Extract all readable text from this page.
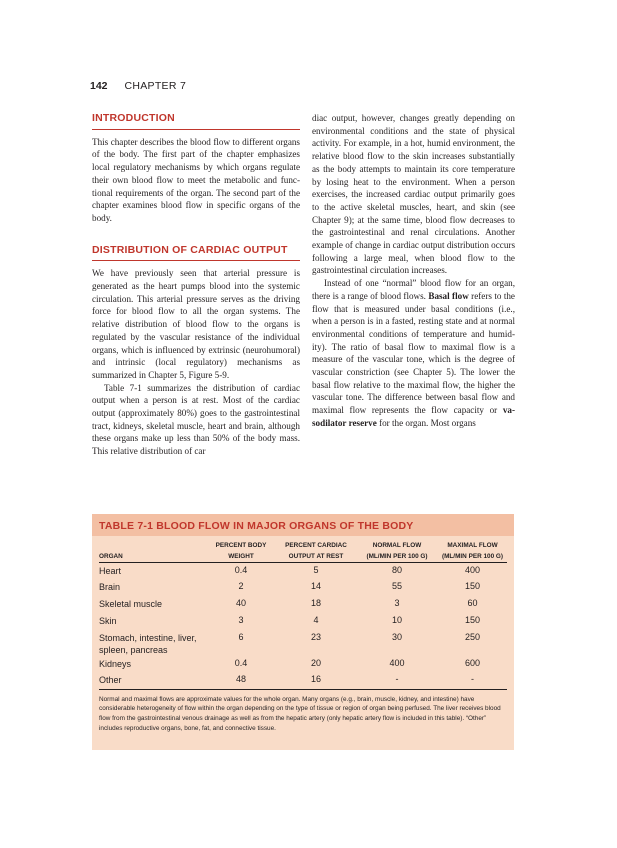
142 CHAPTER 7
INTRODUCTION

This chapter describes the blood flow to different organs of the body. The first part of the chapter emphasizes local regulatory mechanisms by which organs regulate their own blood flow to meet the metabolic and functional requirements of the organ. The second part of the chapter examines blood flow in specific organs of the body.

DISTRIBUTION OF CARDIAC OUTPUT

We have previously seen that arterial pressure is generated as the heart pumps blood into the systemic circulation. This arterial pressure serves as the driving force for blood flow to all the organ systems. The relative distribution of blood flow to the organs is regulated by the vascular resistance of the individual organs, which is influenced by extrinsic (neurohumoral) and intrinsic (local regulatory) mechanisms as summarized in Chapter 5, Figure 5-9.

Table 7-1 summarizes the distribution of cardiac output when a person is at rest. Most of the cardiac output (approximately 80%) goes to the gastrointestinal tract, kidneys, skeletal muscle, heart and brain, although these organs make up less than 50% of the body mass. This relative distribution of car

diac output, however, changes greatly depending on environmental conditions and the state of physical activity. For example, in a hot, humid environment, the relative blood flow to the skin increases substantially as the body attempts to maintain its core temperature by losing heat to the environment. When a person exercises, the increased cardiac output primarily goes to the active skeletal muscles, heart, and skin (see Chapter 9); at the same time, blood flow decreases to the gastrointestinal and renal circulations. Another example of change in cardiac output distribution occurs following a large meal, when blood flow to the gastrointestinal circulation increases.

Instead of one “normal” blood flow for an organ, there is a range of blood flows. Basal flow refers to the flow that is measured under basal conditions (i.e., when a person is in a fasted, resting state and at normal environmental conditions of temperature and humidity). The ratio of basal flow to maximal flow is a measure of the vascular tone, which is the degree of vascular constriction (see Chapter 5). The lower the basal flow relative to the maximal flow, the higher the vascular tone. The difference between basal flow and maximal flow represents the flow capacity or vasodilator reserve for the organ. Most organs

TABLE 7-1 BLOOD FLOW IN MAJOR ORGANS OF THE BODY
	PERCENT BODY	PERCENT CARDIAC	NORMAL FLOW	MAXIMAL FLOW
ORGAN	WEIGHT	OUTPUT AT REST	(ML/MIN PER 100 G)	(ML/MIN PER 100 G)
Heart	0.4	5	80	400
Brain	2	14	55	150
Skeletal muscle	40	18	3	60
Skin	3	4	10	150
Stomach, intestine, liver, spleen, pancreas	6	23	30	250
Kidneys	0.4	20	400	600
Other	48	16	-	-
Normal and maximal flows are approximate values for the whole organ. Many organs (e.g., brain, muscle, kidney, and intestine) have considerable heterogeneity of flow within the organ depending on the type of tissue or region of organ being perfused. The liver receives blood flow from the gastrointestinal venous drainage as well as from the hepatic artery (only hepatic artery flow is included in this table). “Other” includes reproductive organs, bone, fat, and connective tissue.
